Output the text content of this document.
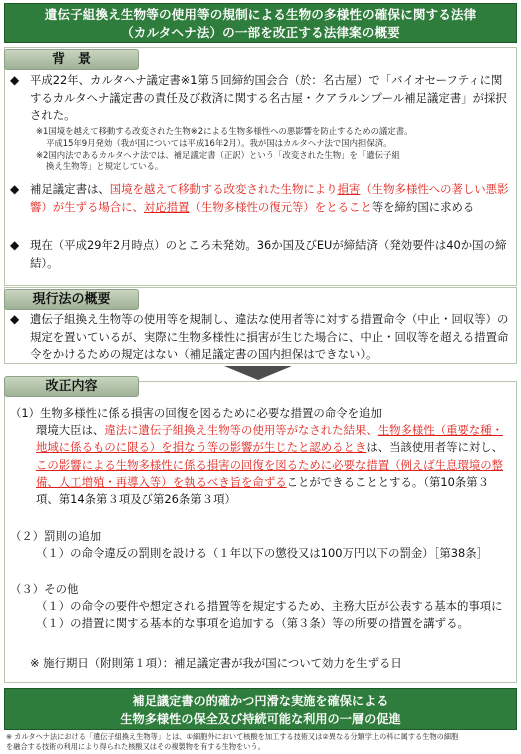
遺伝子組換え生物等の使用等の規制による生物の多様性の確保に関する法律
（カルタヘナ法）の一部を改正する法律案の概要
背　景
◆ 平成22年、カルタヘナ議定書※1第５回締約国会合（於：名古屋）で「バイオセーフティに関するカルタヘナ議定書の責任及び救済に関する名古屋・クアラルンプール補足議定書」が採択された。
※1国境を越えて移動する改変された生物※2による生物多様性への悪影響を防止するための議定書。
平成15年9月発効（我が国については平成16年2月）。我が国はカルタヘナ法で国内担保済。
※2国内法であるカルタヘナ法では、補足議定書（正訳）という「改変された生物」を「遺伝子組
換え生物等」と規定している。
◆ 補足議定書は、国境を越えて移動する改変された生物により損害（生物多様性への著しい悪影響）が生ずる場合に、対応措置（生物多様性の復元等）をとること等を締約国に求める
◆ 現在（平成29年2月時点）のところ未発効。36か国及びEUが締結済（発効要件は40か国の締結）。
現行法の概要
◆ 遺伝子組換え生物等の使用等を規制し、違法な使用者等に対する措置命令（中止・回収等）の規定を置いているが、実際に生物多様性に損害が生じた場合に、中止・回収等を超える措置命令をかけるための規定はない（補足議定書の国内担保はできない）。
改正内容
（1）生物多様性に係る損害の回復を図るために必要な措置の命令を追加
環境大臣は、違法に遺伝子組換え生物等の使用等がなされた結果、生物多様性（重要な種・地域に係るものに限る）を損なう等の影響が生じたと認めるときは、当該使用者等に対し、この影響による生物多様性に係る損害の回復を図るために必要な措置（例えば生息環境の整備、人工増殖・再導入等）を執るべき旨を命ずることができることとする。（第10条第３項、第14条第３項及び第26条第３項）
（２）罰則の追加
（１）の命令違反の罰則を設ける（１年以下の懲役又は100万円以下の罰金）［第38条］
（３）その他
（１）の命令の要件や想定される措置等を規定するため、主務大臣が公表する基本的事項に（１）の措置に関する基本的な事項を追加する（第３条）等の所要の措置を講ずる。
※ 施行期日（附則第１項）：補足議定書が我が国について効力を生ずる日
補足議定書の的確かつ円滑な実施を確保による
生物多様性の保全及び持続可能な利用の一層の促進
※ カルタヘナ法における「遺伝子組換え生物等」とは、①細胞外において核酸を加工する技術又は②異なる分類学上の科に属する生物の細胞
を融合する技術の利用により得られた核酸又はその複製物を有する生物をいう。
